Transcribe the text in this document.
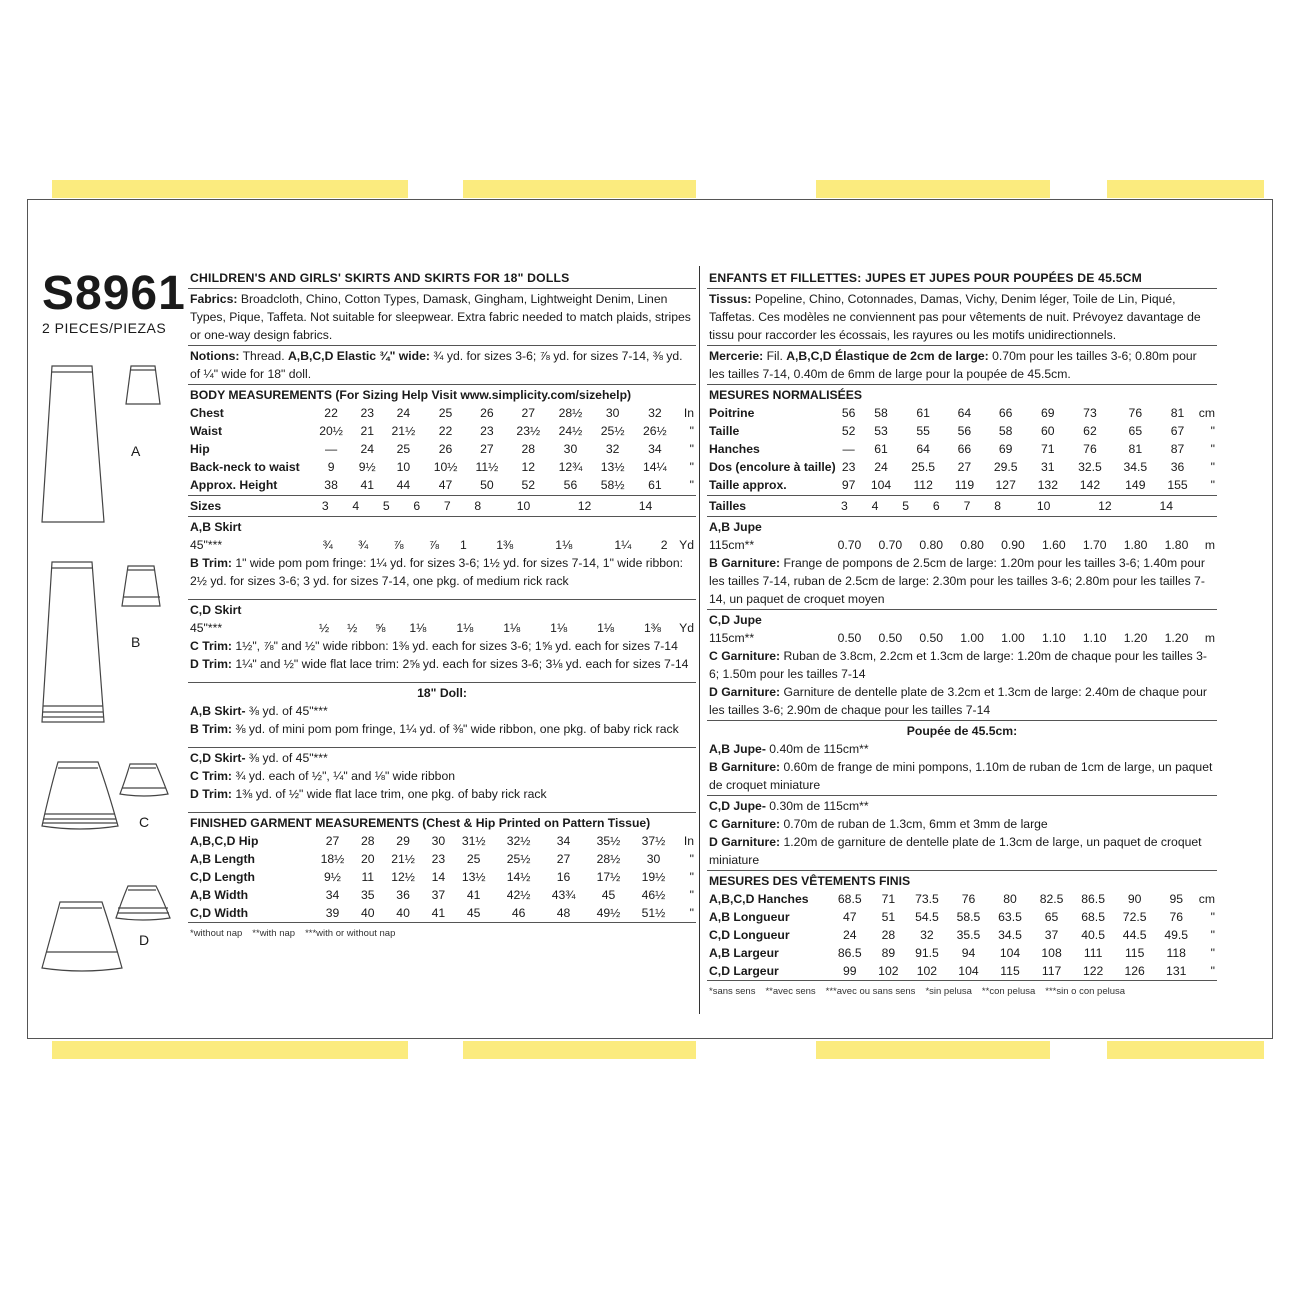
S8961
2 PIECES/PIEZAS
A
B
C
D
CHILDREN'S AND GIRLS' SKIRTS AND SKIRTS FOR 18" DOLLS
Fabrics: Broadcloth, Chino, Cotton Types, Damask, Gingham, Lightweight Denim, Linen Types, Pique, Taffeta. Not suitable for sleepwear. Extra fabric needed to match plaids, stripes or one-way design fabrics.
Notions: Thread. A,B,C,D Elastic ¾" wide: ¾ yd. for sizes 3-6; ⅞ yd. for sizes 7-14, ⅜ yd. of ¼" wide for 18" doll.
BODY MEASUREMENTS (For Sizing Help Visit www.simplicity.com/sizehelp)
Chest	22	23	24	25	26	27	28½	30	32	In
Waist	20½	21	21½	22	23	23½	24½	25½	26½	"
Hip	—	24	25	26	27	28	30	32	34	"
Back-neck to waist	9	9½	10	10½	11½	12	12¾	13½	14¼	"
Approx. Height	38	41	44	47	50	52	56	58½	61	"
Sizes	3	4	5	6	7	8	10	12	14	
A,B Skirt
45"***	¾	¾	⅞	⅞	1	1⅜	1⅛	1¼	2	Yd
B Trim: 1" wide pom pom fringe: 1¼ yd. for sizes 3-6; 1½ yd. for sizes 7-14, 1" wide ribbon: 2½ yd. for sizes 3-6; 3 yd. for sizes 7-14, one pkg. of medium rick rack
C,D Skirt
45"***	½	½	⅝	1⅛	1⅛	1⅛	1⅛	1⅛	1⅜	Yd
C Trim: 1½", ⅞" and ½" wide ribbon: 1⅜ yd. each for sizes 3-6; 1⅝ yd. each for sizes 7-14
D Trim: 1¼" and ½" wide flat lace trim: 2⅝ yd. each for sizes 3-6; 3⅛ yd. each for sizes 7-14
18" Doll:
A,B Skirt- ⅜ yd. of 45"***
B Trim: ⅜ yd. of mini pom pom fringe, 1¼ yd. of ⅜" wide ribbon, one pkg. of baby rick rack
C,D Skirt- ⅜ yd. of 45"***
C Trim: ¾ yd. each of ½", ¼" and ⅛" wide ribbon
D Trim: 1⅜ yd. of ½" wide flat lace trim, one pkg. of baby rick rack
FINISHED GARMENT MEASUREMENTS (Chest & Hip Printed on Pattern Tissue)
A,B,C,D Hip	27	28	29	30	31½	32½	34	35½	37½	In
A,B Length	18½	20	21½	23	25	25½	27	28½	30	"
C,D Length	9½	11	12½	14	13½	14½	16	17½	19½	"
A,B Width	34	35	36	37	41	42½	43¾	45	46½	"
C,D Width	39	40	40	41	45	46	48	49½	51½	"
*without nap **with nap ***with or without nap
ENFANTS ET FILLETTES: JUPES ET JUPES POUR POUPÉES DE 45.5CM
Tissus: Popeline, Chino, Cotonnades, Damas, Vichy, Denim léger, Toile de Lin, Piqué, Taffetas. Ces modèles ne conviennent pas pour vêtements de nuit. Prévoyez davantage de tissu pour raccorder les écossais, les rayures ou les motifs unidirectionnels.
Mercerie: Fil. A,B,C,D Élastique de 2cm de large: 0.70m pour les tailles 3-6; 0.80m pour les tailles 7-14, 0.40m de 6mm de large pour la poupée de 45.5cm.
MESURES NORMALISÉES
Poitrine	56	58	61	64	66	69	73	76	81	cm
Taille	52	53	55	56	58	60	62	65	67	"
Hanches	—	61	64	66	69	71	76	81	87	"
Dos (encolure à taille)	23	24	25.5	27	29.5	31	32.5	34.5	36	"
Taille approx.	97	104	112	119	127	132	142	149	155	"
Tailles	3	4	5	6	7	8	10	12	14	
A,B Jupe
115cm**	0.70	0.70	0.80	0.80	0.90	1.60	1.70	1.80	1.80	m
B Garniture: Frange de pompons de 2.5cm de large: 1.20m pour les tailles 3-6; 1.40m pour les tailles 7-14, ruban de 2.5cm de large: 2.30m pour les tailles 3-6; 2.80m pour les tailles 7-14, un paquet de croquet moyen
C,D Jupe
115cm**	0.50	0.50	0.50	1.00	1.00	1.10	1.10	1.20	1.20	m
C Garniture: Ruban de 3.8cm, 2.2cm et 1.3cm de large: 1.20m de chaque pour les tailles 3-6; 1.50m pour les tailles 7-14
D Garniture: Garniture de dentelle plate de 3.2cm et 1.3cm de large: 2.40m de chaque pour les tailles 3-6; 2.90m de chaque pour les tailles 7-14
Poupée de 45.5cm:
A,B Jupe- 0.40m de 115cm**
B Garniture: 0.60m de frange de mini pompons, 1.10m de ruban de 1cm de large, un paquet de croquet miniature
C,D Jupe- 0.30m de 115cm**
C Garniture: 0.70m de ruban de 1.3cm, 6mm et 3mm de large
D Garniture: 1.20m de garniture de dentelle plate de 1.3cm de large, un paquet de croquet miniature
MESURES DES VÊTEMENTS FINIS
A,B,C,D Hanches	68.5	71	73.5	76	80	82.5	86.5	90	95	cm
A,B Longueur	47	51	54.5	58.5	63.5	65	68.5	72.5	76	"
C,D Longueur	24	28	32	35.5	34.5	37	40.5	44.5	49.5	"
A,B Largeur	86.5	89	91.5	94	104	108	111	115	118	"
C,D Largeur	99	102	102	104	115	117	122	126	131	"
*sans sens **avec sens ***avec ou sans sens *sin pelusa **con pelusa ***sin o con pelusa
